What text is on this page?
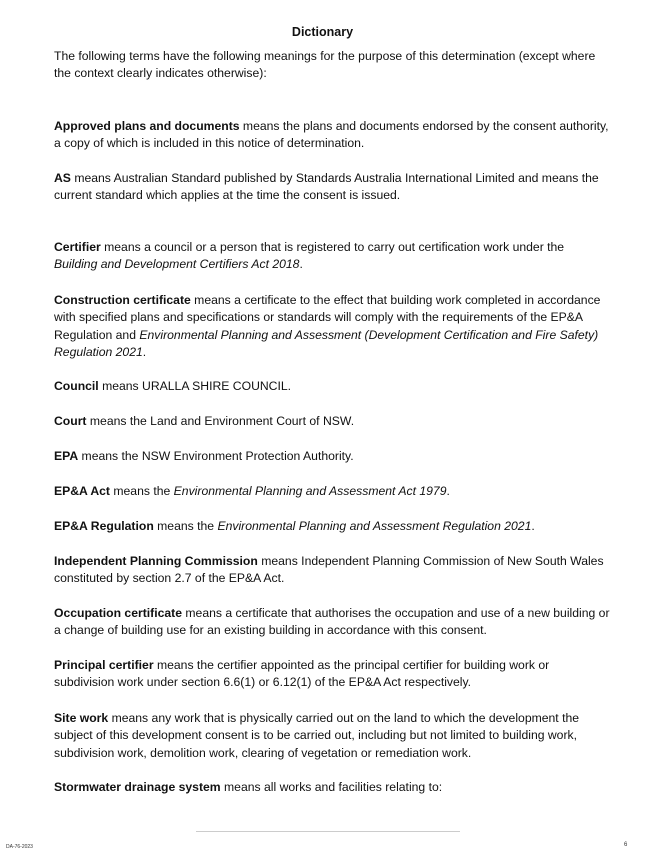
Dictionary

The following terms have the following meanings for the purpose of this determination (except where the context clearly indicates otherwise):

Approved plans and documents means the plans and documents endorsed by the consent authority, a copy of which is included in this notice of determination.

AS means Australian Standard published by Standards Australia International Limited and means the current standard which applies at the time the consent is issued.

Certifier means a council or a person that is registered to carry out certification work under the Building and Development Certifiers Act 2018.

Construction certificate means a certificate to the effect that building work completed in accordance with specified plans and specifications or standards will comply with the requirements of the EP&A Regulation and Environmental Planning and Assessment (Development Certification and Fire Safety) Regulation 2021.

Council means URALLA SHIRE COUNCIL.

Court means the Land and Environment Court of NSW.

EPA means the NSW Environment Protection Authority.

EP&A Act means the Environmental Planning and Assessment Act 1979.

EP&A Regulation means the Environmental Planning and Assessment Regulation 2021.

Independent Planning Commission means Independent Planning Commission of New South Wales constituted by section 2.7 of the EP&A Act.

Occupation certificate means a certificate that authorises the occupation and use of a new building or a change of building use for an existing building in accordance with this consent.

Principal certifier means the certifier appointed as the principal certifier for building work or subdivision work under section 6.6(1) or 6.12(1) of the EP&A Act respectively.

Site work means any work that is physically carried out on the land to which the development the subject of this development consent is to be carried out, including but not limited to building work, subdivision work, demolition work, clearing of vegetation or remediation work.

Stormwater drainage system means all works and facilities relating to:

DA-76-2023	6
